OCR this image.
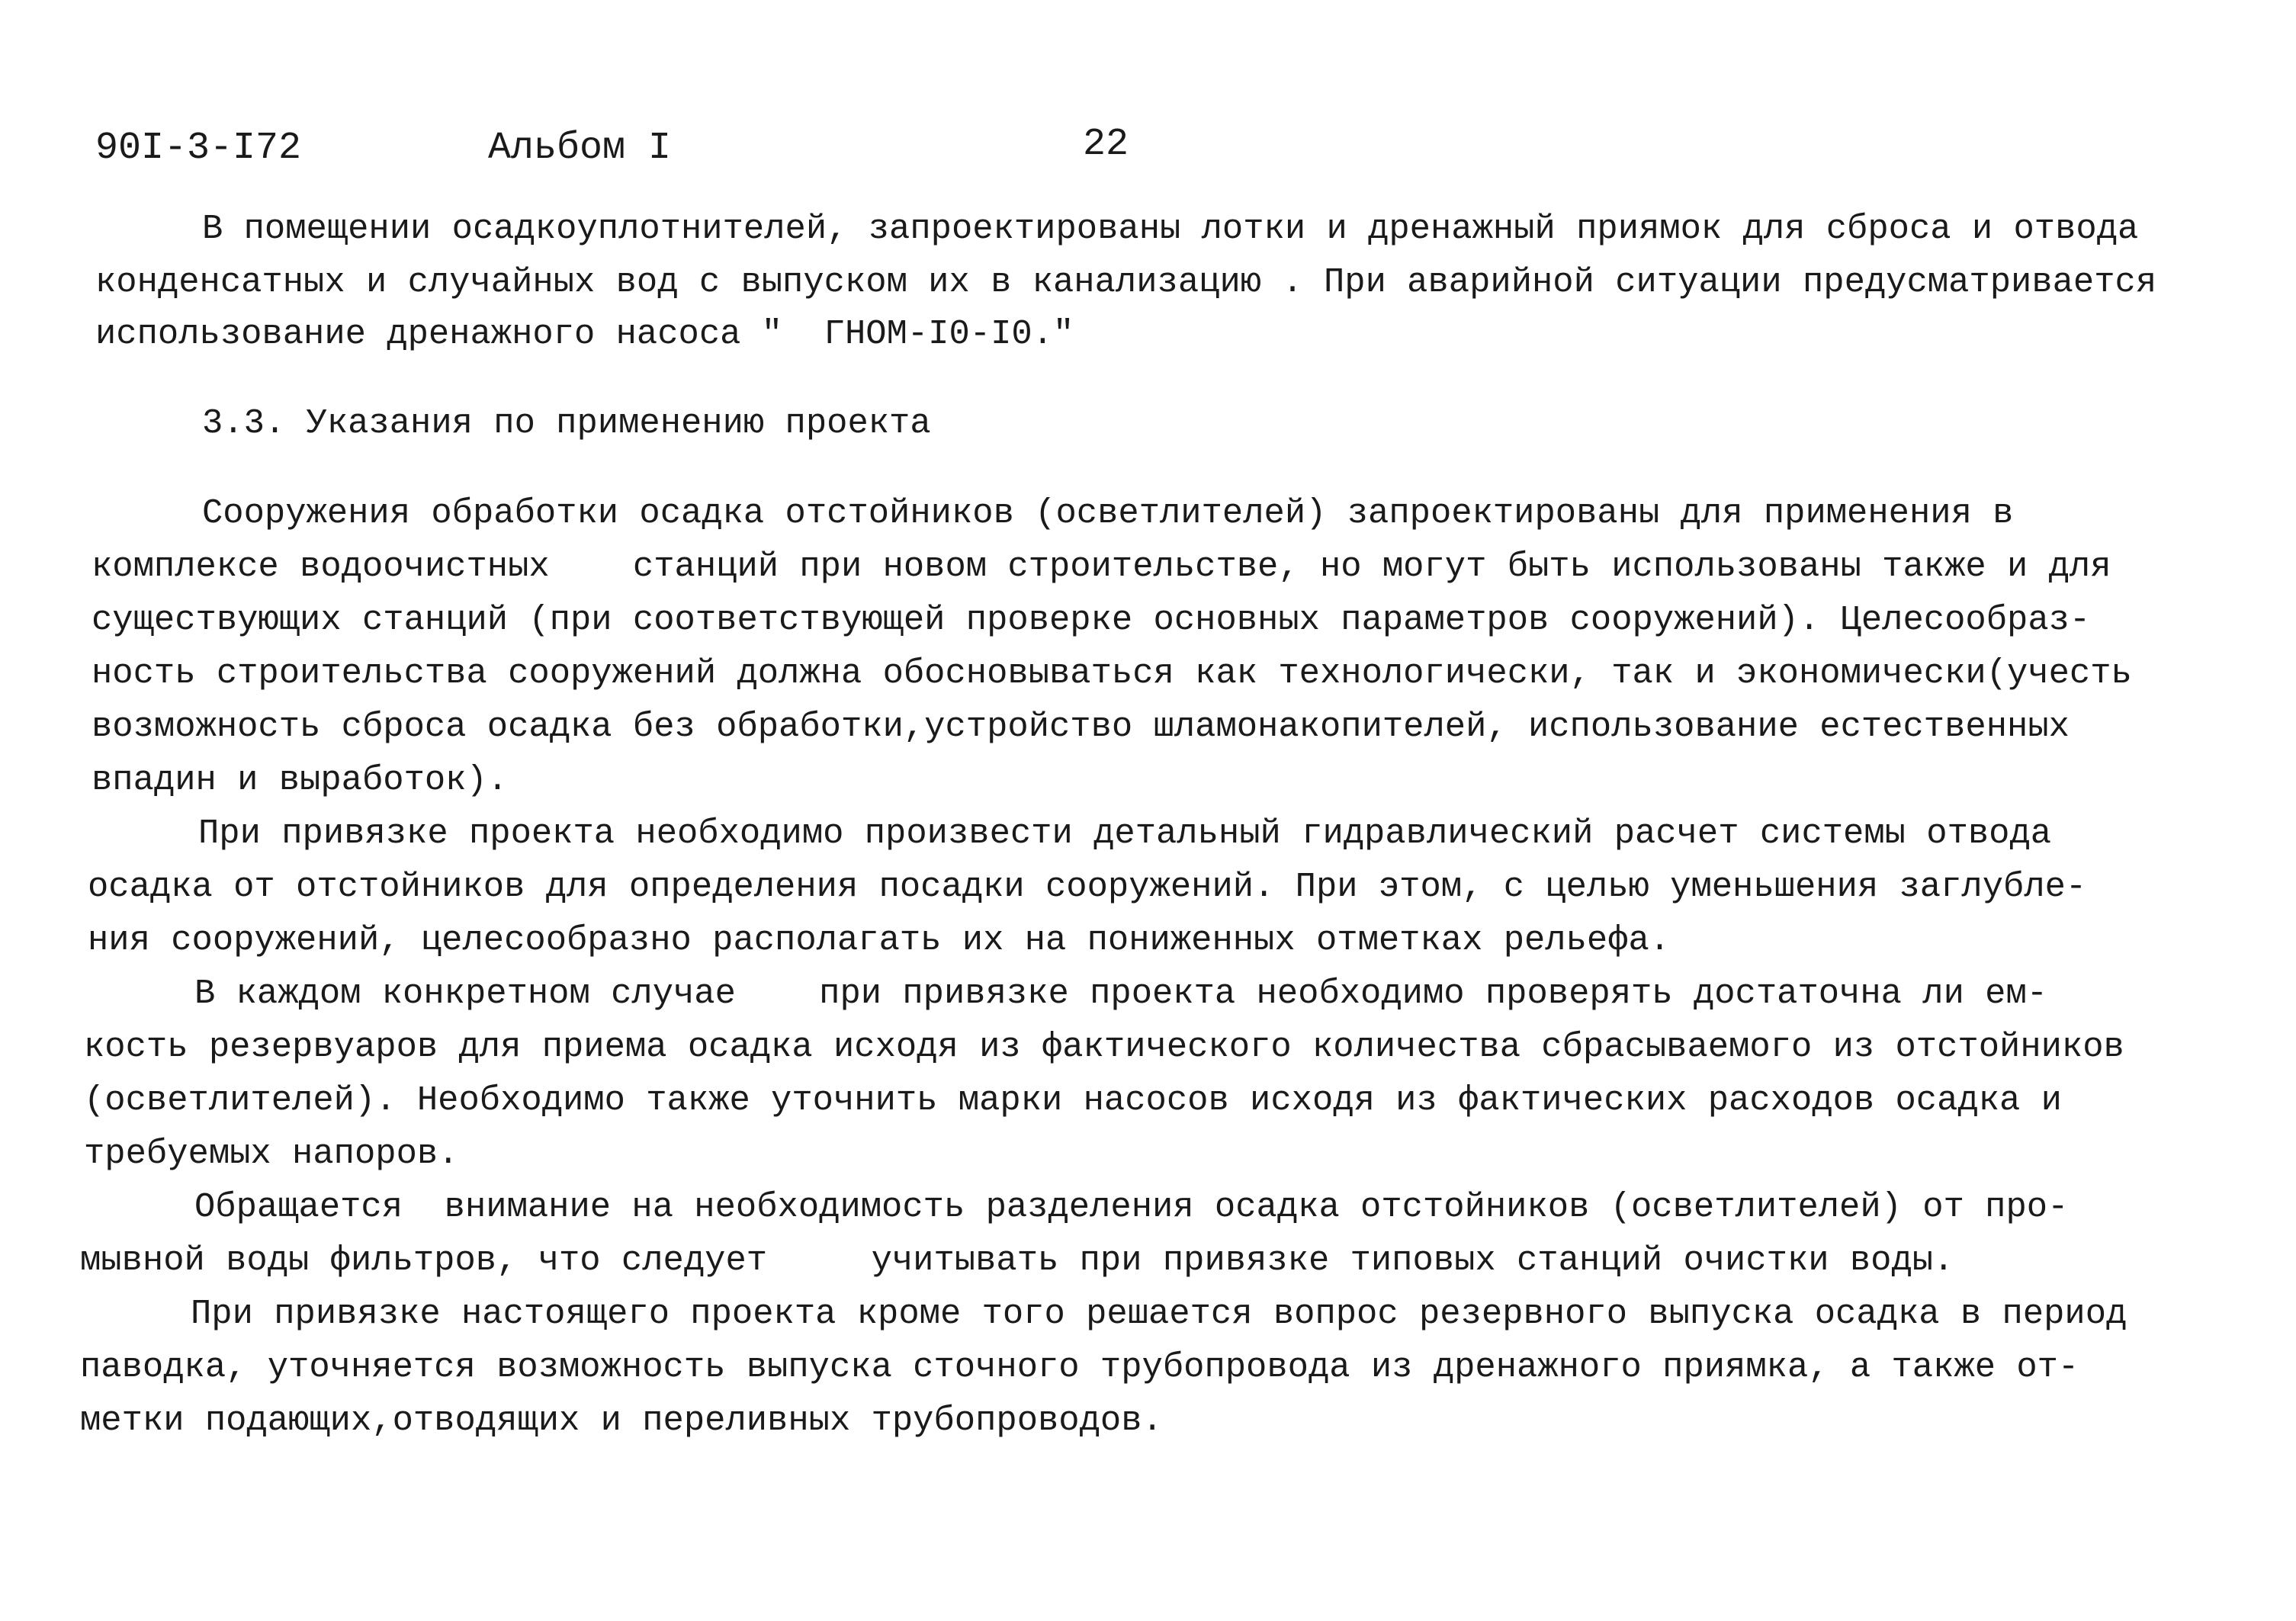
90I-3-I72	Альбом I	22
В помещении осадкоуплотнителей, запроектированы лотки и дренажный приямок для сброса и отвода
конденсатных и случайных вод с выпуском их в канализацию . При аварийной ситуации предусматривается
использование дренажного насоса "  ГНОМ-I0-I0."
3.3. Указания по применению проекта
Сооружения обработки осадка отстойников (осветлителей) запроектированы для применения в
комплексе водоочистных    станций при новом строительстве, но могут быть использованы также и для
существующих станций (при соответствующей проверке основных параметров сооружений). Целесообраз-
ность строительства сооружений должна обосновываться как технологически, так и экономически(учесть
возможность сброса осадка без обработки,устройство шламонакопителей, использование естественных
впадин и выработок).
При привязке проекта необходимо произвести детальный гидравлический расчет системы отвода
осадка от отстойников для определения посадки сооружений. При этом, с целью уменьшения заглубле-
ния сооружений, целесообразно располагать их на пониженных отметках рельефа.
В каждом конкретном случае    при привязке проекта необходимо проверять достаточна ли ем-
кость резервуаров для приема осадка исходя из фактического количества сбрасываемого из отстойников
(осветлителей). Необходимо также уточнить марки насосов исходя из фактических расходов осадка и
требуемых напоров.
Обращается  внимание на необходимость разделения осадка отстойников (осветлителей) от про-
мывной воды фильтров, что следует     учитывать при привязке типовых станций очистки воды.
При привязке настоящего проекта кроме того решается вопрос резервного выпуска осадка в период
паводка, уточняется возможность выпуска сточного трубопровода из дренажного приямка, а также от-
метки подающих,отводящих и переливных трубопроводов.
